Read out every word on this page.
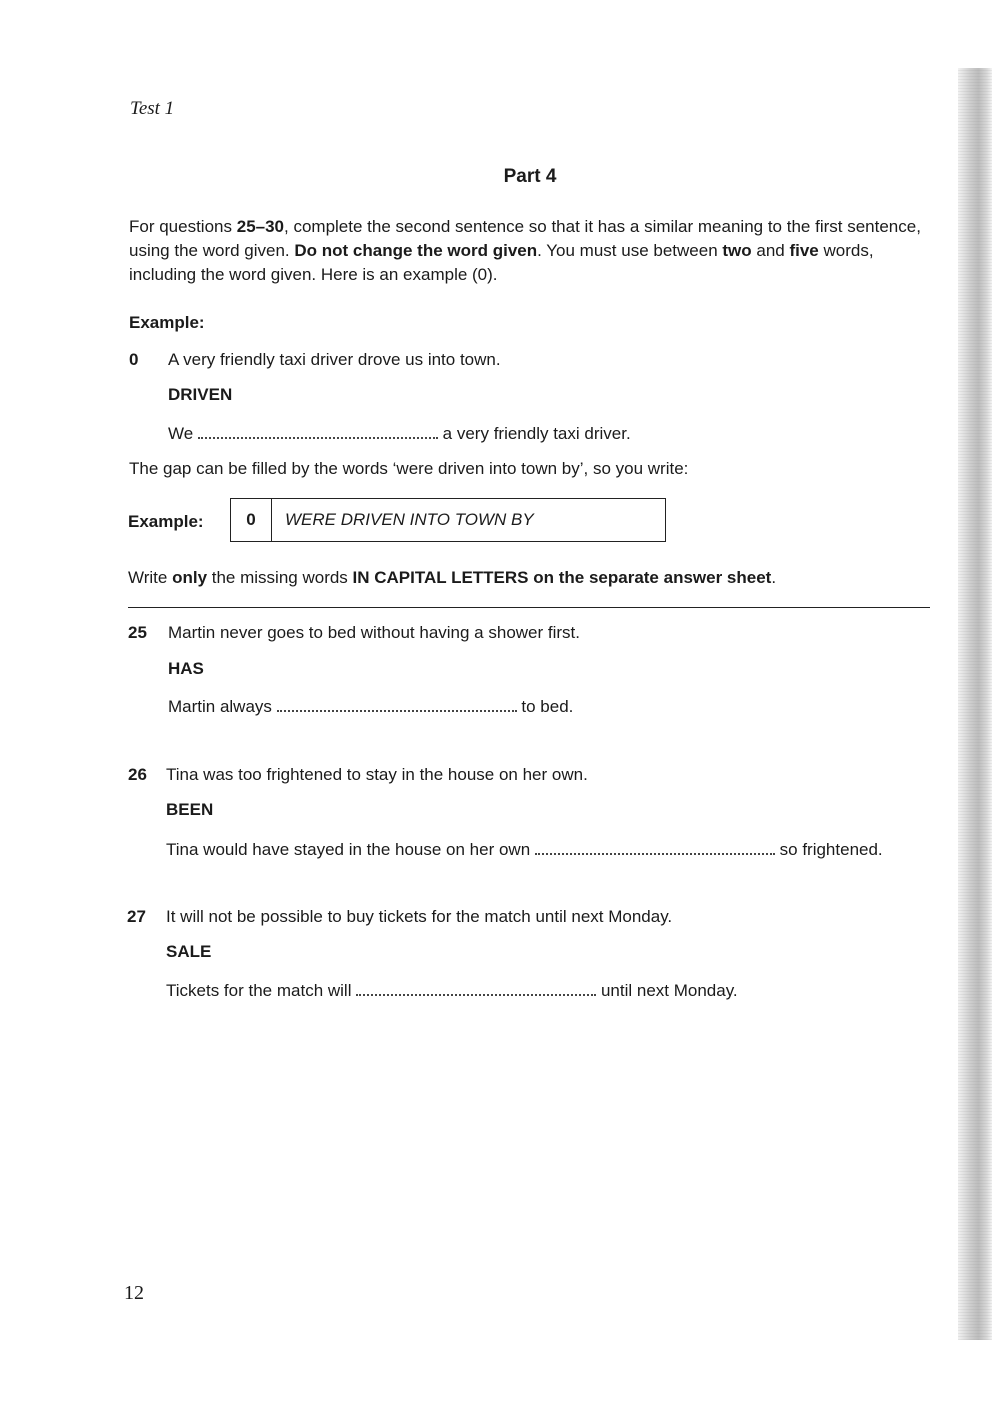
Test 1
Part 4
For questions 25–30, complete the second sentence so that it has a similar meaning to the first sentence, using the word given. Do not change the word given. You must use between two and five words, including the word given. Here is an example (0).
Example:
0 A very friendly taxi driver drove us into town.
DRIVEN
We	a very friendly taxi driver.
The gap can be filled by the words ‘were driven into town by’, so you write:
Example:	0	WERE DRIVEN INTO TOWN BY
Write only the missing words IN CAPITAL LETTERS on the separate answer sheet.
25 Martin never goes to bed without having a shower first.
HAS
Martin always	to bed.
26 Tina was too frightened to stay in the house on her own.
BEEN
Tina would have stayed in the house on her own	so frightened.
27 It will not be possible to buy tickets for the match until next Monday.
SALE
Tickets for the match will	until next Monday.
12
